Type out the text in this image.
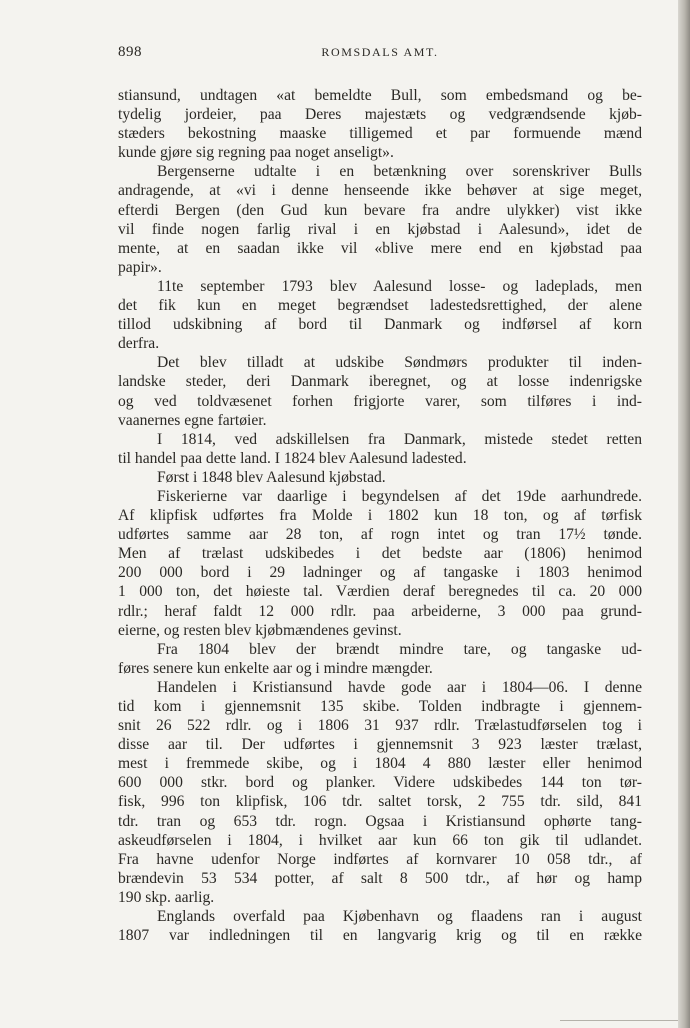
898	ROMSDALS AMT.
stiansund, undtagen «at bemeldte Bull, som embedsmand og be-
tydelig jordeier, paa Deres majestæts og vedgrændsende kjøb-
stæders bekostning maaske tilligemed et par formuende mænd
kunde gjøre sig regning paa noget anseligt».
Bergenserne udtalte i en betænkning over sorenskriver Bulls
andragende, at «vi i denne henseende ikke behøver at sige meget,
efterdi Bergen (den Gud kun bevare fra andre ulykker) vist ikke
vil finde nogen farlig rival i en kjøbstad i Aalesund», idet de
mente, at en saadan ikke vil «blive mere end en kjøbstad paa
papir».
11te september 1793 blev Aalesund losse- og ladeplads, men
det fik kun en meget begrændset ladestedsrettighed, der alene
tillod udskibning af bord til Danmark og indførsel af korn
derfra.
Det blev tilladt at udskibe Søndmørs produkter til inden-
landske steder, deri Danmark iberegnet, og at losse indenrigske
og ved toldvæsenet forhen frigjorte varer, som tilføres i ind-
vaanernes egne fartøier.
I 1814, ved adskillelsen fra Danmark, mistede stedet retten
til handel paa dette land. I 1824 blev Aalesund ladested.
Først i 1848 blev Aalesund kjøbstad.
Fiskerierne var daarlige i begyndelsen af det 19de aarhundrede.
Af klipfisk udførtes fra Molde i 1802 kun 18 ton, og af tørfisk
udførtes samme aar 28 ton, af rogn intet og tran 17½ tønde.
Men af trælast udskibedes i det bedste aar (1806) henimod
200 000 bord i 29 ladninger og af tangaske i 1803 henimod
1 000 ton, det høieste tal. Værdien deraf beregnedes til ca. 20 000
rdlr.; heraf faldt 12 000 rdlr. paa arbeiderne, 3 000 paa grund-
eierne, og resten blev kjøbmændenes gevinst.
Fra 1804 blev der brændt mindre tare, og tangaske ud-
føres senere kun enkelte aar og i mindre mængder.
Handelen i Kristiansund havde gode aar i 1804—06. I denne
tid kom i gjennemsnit 135 skibe. Tolden indbragte i gjennem-
snit 26 522 rdlr. og i 1806 31 937 rdlr. Trælastudførselen tog i
disse aar til. Der udførtes i gjennemsnit 3 923 læster trælast,
mest i fremmede skibe, og i 1804 4 880 læster eller henimod
600 000 stkr. bord og planker. Videre udskibedes 144 ton tør-
fisk, 996 ton klipfisk, 106 tdr. saltet torsk, 2 755 tdr. sild, 841
tdr. tran og 653 tdr. rogn. Ogsaa i Kristiansund ophørte tang-
askeudførselen i 1804, i hvilket aar kun 66 ton gik til udlandet.
Fra havne udenfor Norge indførtes af kornvarer 10 058 tdr., af
brændevin 53 534 potter, af salt 8 500 tdr., af hør og hamp
190 skp. aarlig.
Englands overfald paa Kjøbenhavn og flaadens ran i august
1807 var indledningen til en langvarig krig og til en række
